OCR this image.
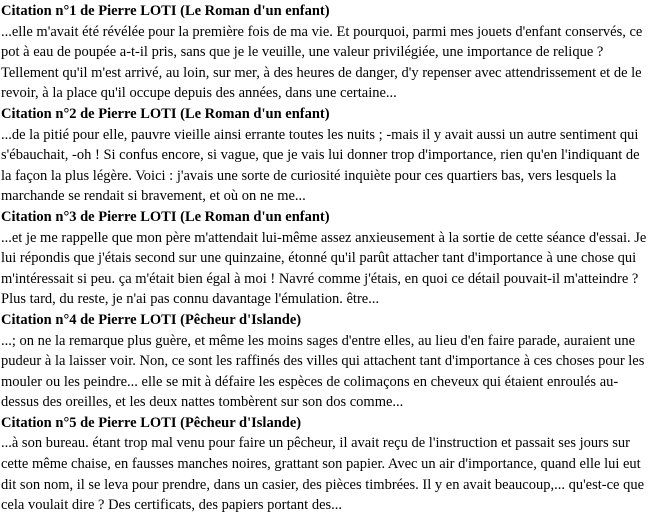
Citation n°1 de Pierre LOTI (Le Roman d'un enfant)
...elle m'avait été révélée pour la première fois de ma vie. Et pourquoi, parmi mes jouets d'enfant conservés, ce pot à eau de poupée a-t-il pris, sans que je le veuille, une valeur privilégiée, une importance de relique ? Tellement qu'il m'est arrivé, au loin, sur mer, à des heures de danger, d'y repenser avec attendrissement et de le revoir, à la place qu'il occupe depuis des années, dans une certaine...
Citation n°2 de Pierre LOTI (Le Roman d'un enfant)
...de la pitié pour elle, pauvre vieille ainsi errante toutes les nuits ; -mais il y avait aussi un autre sentiment qui s'ébauchait, -oh ! Si confus encore, si vague, que je vais lui donner trop d'importance, rien qu'en l'indiquant de la façon la plus légère. Voici : j'avais une sorte de curiosité inquiète pour ces quartiers bas, vers lesquels la marchande se rendait si bravement, et où on ne me...
Citation n°3 de Pierre LOTI (Le Roman d'un enfant)
...et je me rappelle que mon père m'attendait lui-même assez anxieusement à la sortie de cette séance d'essai. Je lui répondis que j'étais second sur une quinzaine, étonné qu'il parût attacher tant d'importance à une chose qui m'intéressait si peu. ça m'était bien égal à moi ! Navré comme j'étais, en quoi ce détail pouvait-il m'atteindre ? Plus tard, du reste, je n'ai pas connu davantage l'émulation. être...
Citation n°4 de Pierre LOTI (Pêcheur d'Islande)
...; on ne la remarque plus guère, et même les moins sages d'entre elles, au lieu d'en faire parade, auraient une pudeur à la laisser voir. Non, ce sont les raffinés des villes qui attachent tant d'importance à ces choses pour les mouler ou les peindre... elle se mit à défaire les espèces de colimaçons en cheveux qui étaient enroulés au-dessus des oreilles, et les deux nattes tombèrent sur son dos comme...
Citation n°5 de Pierre LOTI (Pêcheur d'Islande)
...à son bureau. étant trop mal venu pour faire un pêcheur, il avait reçu de l'instruction et passait ses jours sur cette même chaise, en fausses manches noires, grattant son papier. Avec un air d'importance, quand elle lui eut dit son nom, il se leva pour prendre, dans un casier, des pièces timbrées. Il y en avait beaucoup,... qu'est-ce que cela voulait dire ? Des certificats, des papiers portant des...
